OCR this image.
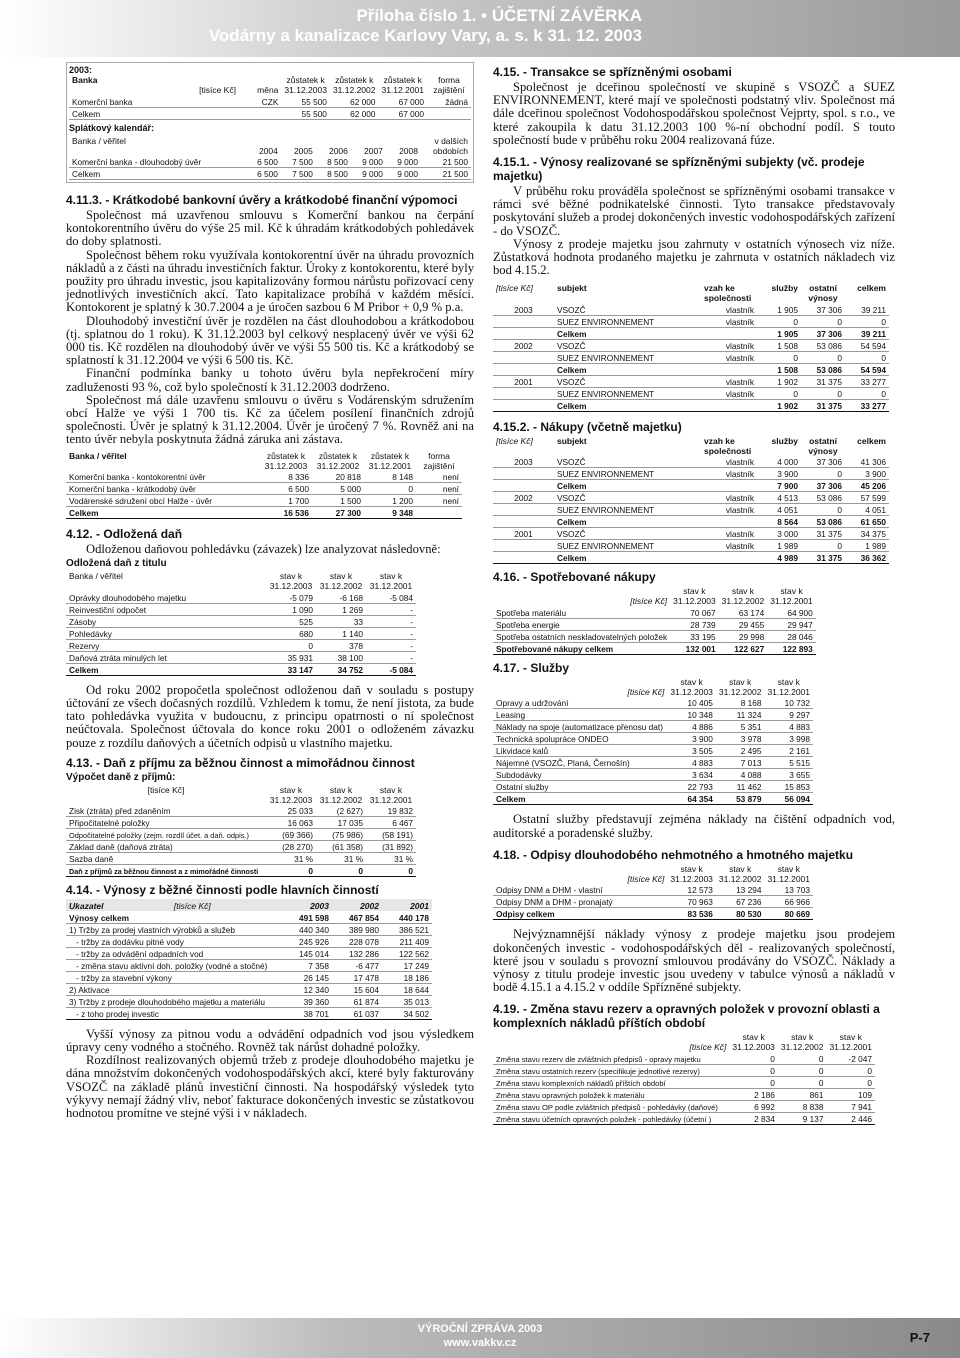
Příloha číslo 1. • ÚČETNÍ ZÁVĚRKA
Vodárny a kanalizace Karlovy Vary, a. s. k 31. 12. 2003
2003:
Banka	[tisíce Kč]	měna	zůstatek k 31.12.2003	zůstatek k 31.12.2002	zůstatek k 31.12.2001	forma zajištění
Komerční banka		CZK	55 500	62 000	67 000	žádná
Celkem			55 500	62 000	67 000	
Splátkový kalendář:
Banka / věřitel	2004	2005	2006	2007	2008	v dalších obdobích
Komerční banka - dlouhodobý úvěr	6 500	7 500	8 500	9 000	9 000	21 500
Celkem	6 500	7 500	8 500	9 000	9 000	21 500
4.11.3. - Krátkodobé bankovní úvěry a krátkodobé finanční výpomoci

Společnost má uzavřenou smlouvu s Komerční bankou na čerpání kontokorentního úvěru do výše 25 mil. Kč k úhradám krátkodobých pohledávek do doby splatnosti.

Společnost během roku využívala kontokorentní úvěr na úhradu provozních nákladů a z části na úhradu investičních faktur. Úroky z kontokorentu, které byly použity pro úhradu investic, jsou kapitalizovány formou nárůstu pořizovací ceny jednotlivých investičních akcí. Tato kapitalizace probíhá v každém měsíci. Kontokorent je splatný k 30.7.2004 a je úročen sazbou 6 M Pribor + 0,9 % p.a.

Dlouhodobý investiční úvěr je rozdělen na část dlouhodobou a krátkodobou (tj. splatnou do 1 roku). K 31.12.2003 byl celkový nesplacený úvěr ve výši 62 000 tis. Kč rozdělen na dlouhodobý úvěr ve výši 55 500 tis. Kč a krátkodobý se splatností k 31.12.2004 ve výši 6 500 tis. Kč.

Finanční podmínka banky u tohoto úvěru byla nepřekročení míry zadluženosti 93 %, což bylo společností k 31.12.2003 dodrženo.

Společnost má dále uzavřenu smlouvu o úvěru s Vodárenským sdružením obcí Halže ve výši 1 700 tis. Kč za účelem posílení finančních zdrojů společnosti. Úvěr je splatný k 31.12.2004. Úvěr je úročený 7 %. Rovněž ani na tento úvěr nebyla poskytnuta žádná záruka ani zástava.

Banka / věřitel	zůstatek k 31.12.2003	zůstatek k 31.12.2002	zůstatek k 31.12.2001	forma zajištění
Komerční banka - kontokorentní úvěr	8 336	20 818	8 148	není
Komerční banka - krátkodobý úvěr	6 500	5 000	0	není
Vodárenské sdružení obcí Halže - úvěr	1 700	1 500	1 200	není
Celkem	16 536	27 300	9 348	
4.12. - Odložená daň

Odloženou daňovou pohledávku (závazek) lze analyzovat následovně:

Odložená daň z titulu
Banka / věřitel	stav k 31.12.2003	stav k 31.12.2002	stav k 31.12.2001
Oprávky dlouhodobého majetku	-5 079	-6 168	-5 084
Reinvestiční odpočet	1 090	1 269	-
Zásoby	525	33	-
Pohledávky	680	1 140	-
Rezervy	0	378	-
Daňová ztráta minulých let	35 931	38 100	-
Celkem	33 147	34 752	-5 084

Od roku 2002 propočetla společnost odloženou daň v souladu s postupy účtování ze všech dočasných rozdílů. Vzhledem k tomu, že není jistota, za bude tato pohledávka využita v budoucnu, z principu opatrnosti o ní společnost neúčtovala. Společnost účtovala do konce roku 2001 o odloženém závazku pouze z rozdílu daňových a účetních odpisů u vlastního majetku.

4.13. - Daň z příjmu za běžnou činnost a mimořádnou činnost
Výpočet daně z příjmů:
[tisíce Kč]	stav k 31.12.2003	stav k 31.12.2002	stav k 31.12.2001
Zisk (ztráta) před zdaněním	25 033	(2 627)	19 832
Připočitatelné položky	16 063	17 035	6 467
Odpočitatelné položky (zejm. rozdíl účet. a daň. odpis.)	(69 366)	(75 986)	(58 191)
Základ daně (daňová ztráta)	(28 270)	(61 358)	(31 892)
Sazba daně	31 %	31 %	31 %
Daň z příjmů za běžnou činnost a z mimořádné činnosti	0	0	0
4.14. - Výnosy z běžné činnosti podle hlavních činností
Ukazatel	[tisíce Kč]	2003	2002	2001
Výnosy celkem		491 598	467 854	440 178
1) Tržby za prodej vlastních výrobků a služeb		440 340	389 980	386 521
- tržby za dodávku pitné vody		245 926	228 078	211 409
- tržby za odvádění odpadních vod		145 014	132 286	122 562
- změna stavu aktivní doh. položky (vodné a stočné)		7 358	-6 477	17 249
- tržby za stavební výkony		26 145	17 478	18 186
2) Aktivace		12 340	15 604	18 644
3) Tržby z prodeje dlouhodobého majetku a materiálu		39 360	61 874	35 013
- z toho prodej investic		38 701	61 037	34 502

Vyšší výnosy za pitnou vodu a odvádění odpadních vod jsou výsledkem úpravy ceny vodného a stočného. Rovněž tak nárůst dohadné položky.

Rozdílnost realizovaných objemů tržeb z prodeje dlouhodobého majetku je dána množstvím dokončených vodohospodářských akcí, které byly fakturovány VSOZČ na základě plánů investiční činnosti. Na hospodářský výsledek tyto výkyvy nemají žádný vliv, neboť fakturace dokončených investic se zůstatkovou hodnotou promítne ve stejné výši i v nákladech.

4.15. - Transakce se spřízněnými osobami

Společnost je dceřinou společností ve skupině s VSOZČ a SUEZ ENVIRONNEMENT, které mají ve společnosti podstatný vliv. Společnost má dále dceřinou společnost Vodohospodářskou společnost Vejprty, spol. s r.o., ve které zakoupila k datu 31.12.2003 100 %-ní obchodní podíl. S touto společností bude v průběhu roku 2004 realizovaná fúze.

4.15.1. - Výnosy realizované se spřízněnými subjekty (vč. prodeje majetku)

V průběhu roku prováděla společnost se spřízněnými osobami transakce v rámci své běžné podnikatelské činnosti. Tyto transakce představovaly poskytování služeb a prodej dokončených investic vodohospodářských zařízení - do VSOZČ.

Výnosy z prodeje majetku jsou zahrnuty v ostatních výnosech viz níže. Zůstatková hodnota prodaného majetku je zahrnuta v ostatních nákladech viz bod 4.15.2.

[tisíce Kč]	subjekt	vzah ke společnosti	služby	ostatní výnosy	celkem
2003	VSOZČ	vlastník	1 905	37 306	39 211
	SUEZ ENVIRONNEMENT	vlastník	0	0	0
	Celkem		1 905	37 306	39 211
2002	VSOZČ	vlastník	1 508	53 086	54 594
	SUEZ ENVIRONNEMENT	vlastník	0	0	0
	Celkem		1 508	53 086	54 594
2001	VSOZČ	vlastník	1 902	31 375	33 277
	SUEZ ENVIRONNEMENT	vlastník	0	0	0
	Celkem		1 902	31 375	33 277
4.15.2. - Nákupy (včetně majetku)
[tisíce Kč]	subjekt	vzah ke společnosti	služby	ostatní výnosy	celkem
2003	VSOZČ	vlastník	4 000	37 306	41 306
	SUEZ ENVIRONNEMENT	vlastník	3 900	0	3 900
	Celkem		7 900	37 306	45 206
2002	VSOZČ	vlastník	4 513	53 086	57 599
	SUEZ ENVIRONNEMENT	vlastník	4 051	0	4 051
	Celkem		8 564	53 086	61 650
2001	VSOZČ	vlastník	3 000	31 375	34 375
	SUEZ ENVIRONNEMENT	vlastník	1 989	0	1 989
	Celkem		4 989	31 375	36 362
4.16. - Spotřebované nákupy
[tisíce Kč]	stav k 31.12.2003	stav k 31.12.2002	stav k 31.12.2001
Spotřeba materiálu	70 067	63 174	64 900
Spotřeba energie	28 739	29 455	29 947
Spotřeba ostatních neskladovatelných položek	33 195	29 998	28 046
Spotřebované nákupy celkem	132 001	122 627	122 893
4.17. - Služby
[tisíce Kč]	stav k 31.12.2003	stav k 31.12.2002	stav k 31.12.2001
Opravy a udržování	10 405	8 168	10 732
Leasing	10 348	11 324	9 297
Náklady na spoje (automatizace přenosu dat)	4 886	5 351	4 883
Technická spolupráce ONDEO	3 900	3 978	3 998
Likvidace kalů	3 505	2 495	2 161
Nájemné (VSOZČ, Planá, Černošín)	4 883	7 013	5 515
Subdodávky	3 634	4 088	3 655
Ostatní služby	22 793	11 462	15 853
Celkem	64 354	53 879	56 094

Ostatní služby představují zejména náklady na čištění odpadních vod, auditorské a poradenské služby.

4.18. - Odpisy dlouhodobého nehmotného a hmotného majetku
[tisíce Kč]	stav k 31.12.2003	stav k 31.12.2002	stav k 31.12.2001
Odpisy DNM a DHM - vlastní	12 573	13 294	13 703
Odpisy DNM a DHM - pronajatý	70 963	67 236	66 966
Odpisy celkem	83 536	80 530	80 669

Nejvýznamnější náklady výnosy z prodeje majetku jsou prodejem dokončených investic - vodohospodářských děl - realizovaných společností, které jsou v souladu s provozní smlouvou prodávány do VSOZČ. Náklady a výnosy z titulu prodeje investic jsou uvedeny v tabulce výnosů a nákladů v bodě 4.15.1 a 4.15.2 v oddíle Spřízněné subjekty.

4.19. - Změna stavu rezerv a opravných položek v provozní oblasti a komplexních nákladů příštích období
[tisíce Kč]	stav k 31.12.2003	stav k 31.12.2002	stav k 31.12.2001
Změna stavu rezerv dle zvláštních předpisů - opravy majetku	0	0	-2 047
Změna stavu ostatních rezerv (specifikuje jednotlivé rezervy)	0	0	0
Změna stavu komplexních nákladů příštích období	0	0	0
Změna stavu opravných položek k materiálu	2 186	861	109
Změna stavu OP podle zvláštních předpisů - pohledávky (daňové)	6 992	8 838	7 941
Změna stavu účetních opravných položek - pohledávky (účetní )	2 834	9 137	2 446
VÝROČNÍ ZPRÁVA 2003
www.vakkv.cz	P-7
